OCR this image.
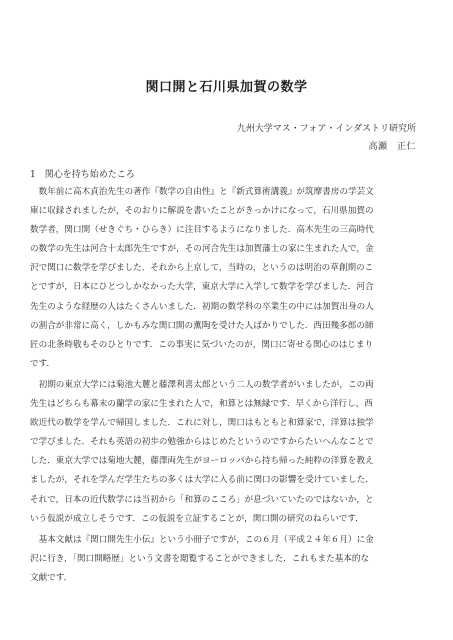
関口開と石川県加賀の数学
九州大学マス・フォア・インダストリ研究所
高瀬　正仁
1　関心を持ち始めたころ
　数年前に高木貞治先生の著作『数学の自由性』と『新式算術講義』が筑摩書房の学芸文
庫に収録されましたが，そのおりに解説を書いたことがきっかけになって，石川県加賀の
数学者，関口開（せきぐち・ひらき）に注目するようになりました．高木先生の三高時代
の数学の先生は河合十太郎先生ですが，その河合先生は加賀藩士の家に生まれた人で，金
沢で関口に数学を学びました．それから上京して，当時の，というのは明治の草創期のこ
とですが，日本にひとつしかなかった大学，東京大学に入学して数学を学びました．河合
先生のような経歴の人はたくさんいました．初期の数学科の卒業生の中には加賀出身の人
の割合が非常に高く，しかもみな関口開の薫陶を受けた人ばかりでした．西田幾多郎の師
匠の北条時敬もそのひとりです．この事実に気づいたのが，関口に寄せる関心のはじまり
です．
　初期の東京大学には菊池大麓と藤澤利喜太郎という二人の数学者がいましたが，この両
先生はどちらも幕末の蘭学の家に生まれた人で，和算とは無縁です．早くから洋行し，西
欧近代の数学を学んで帰国しました．これに対し，関口はもともと和算家で，洋算は独学
で学びました．それも英語の初歩の勉強からはじめたというのですからたいへんなことで
した．東京大学では菊地大麓，藤澤両先生がヨーロッパから持ち帰った純粋の洋算を教え
ましたが，それを学んだ学生たちの多くは大学に入る前に関口の影響を受けていました．
それで，日本の近代数学には当初から「和算のこころ」が息づいていたのではないか，と
いう仮説が成立しそうです．この仮説を立証することが，関口開の研究のねらいです．
　基本文献は『関口開先生小伝』という小冊子ですが，この６月（平成２４年６月）に金
沢に行き，「関口開略歴」という文書を閲覧することができました．これもまた基本的な
文献です．
